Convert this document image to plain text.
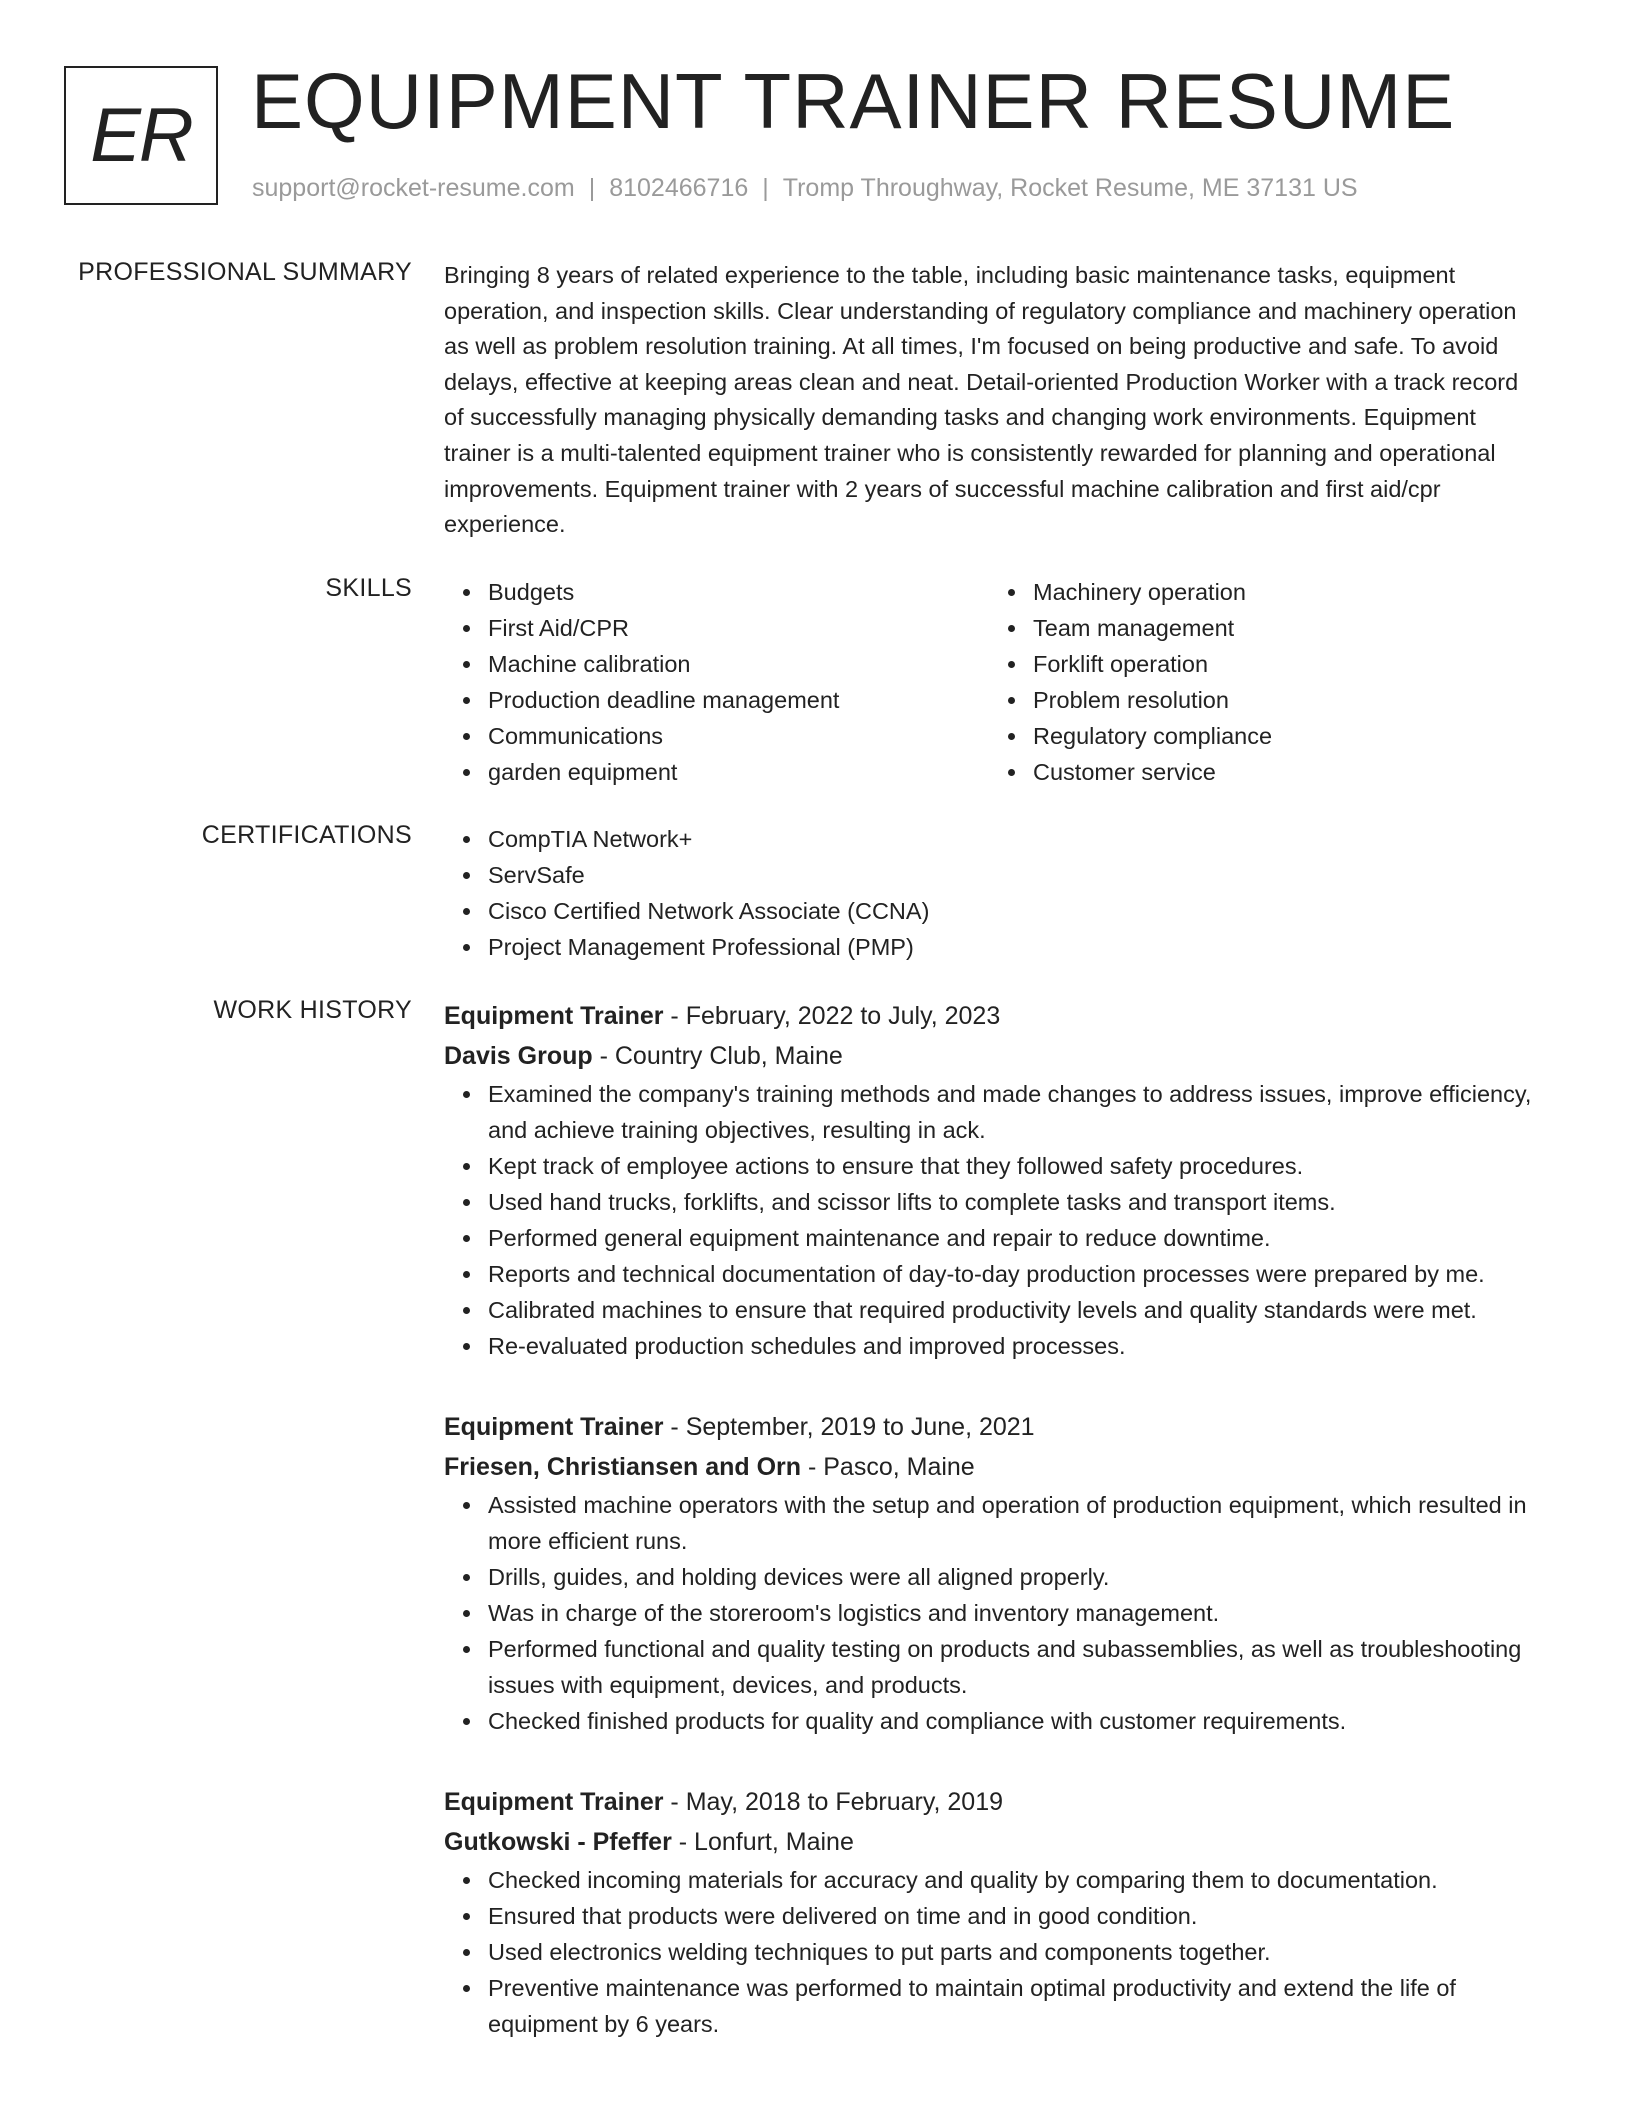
ER EQUIPMENT TRAINER RESUME
support@rocket-resume.com | 8102466716 | Tromp Throughway, Rocket Resume, ME 37131 US
PROFESSIONAL SUMMARY Bringing 8 years of related experience to the table, including basic maintenance tasks, equipment operation, and inspection skills. Clear understanding of regulatory compliance and machinery operation as well as problem resolution training. At all times, I'm focused on being productive and safe. To avoid delays, effective at keeping areas clean and neat. Detail-oriented Production Worker with a track record of successfully managing physically demanding tasks and changing work environments. Equipment trainer is a multi-talented equipment trainer who is consistently rewarded for planning and operational improvements. Equipment trainer with 2 years of successful machine calibration and first aid/cpr experience.
SKILLS	Budgets
First Aid/CPR
Machine calibration
Production deadline management
Communications
garden equipment
Machinery operation
Team management
Forklift operation
Problem resolution
Regulatory compliance
Customer service
CERTIFICATIONS	CompTIA Network+
ServSafe
Cisco Certified Network Associate (CCNA)
Project Management Professional (PMP)
WORK HISTORY Equipment Trainer - February, 2022 to July, 2023
Davis Group - Country Club, Maine
Examined the company's training methods and made changes to address issues, improve efficiency, and achieve training objectives, resulting in ack.
Kept track of employee actions to ensure that they followed safety procedures.
Used hand trucks, forklifts, and scissor lifts to complete tasks and transport items.
Performed general equipment maintenance and repair to reduce downtime.
Reports and technical documentation of day-to-day production processes were prepared by me.
Calibrated machines to ensure that required productivity levels and quality standards were met.
Re-evaluated production schedules and improved processes.
Equipment Trainer - September, 2019 to June, 2021
Friesen, Christiansen and Orn - Pasco, Maine
Assisted machine operators with the setup and operation of production equipment, which resulted in more efficient runs.
Drills, guides, and holding devices were all aligned properly.
Was in charge of the storeroom's logistics and inventory management.
Performed functional and quality testing on products and subassemblies, as well as troubleshooting issues with equipment, devices, and products.
Checked finished products for quality and compliance with customer requirements.
Equipment Trainer - May, 2018 to February, 2019
Gutkowski - Pfeffer - Lonfurt, Maine
Checked incoming materials for accuracy and quality by comparing them to documentation.
Ensured that products were delivered on time and in good condition.
Used electronics welding techniques to put parts and components together.
Preventive maintenance was performed to maintain optimal productivity and extend the life of equipment by 6 years.
